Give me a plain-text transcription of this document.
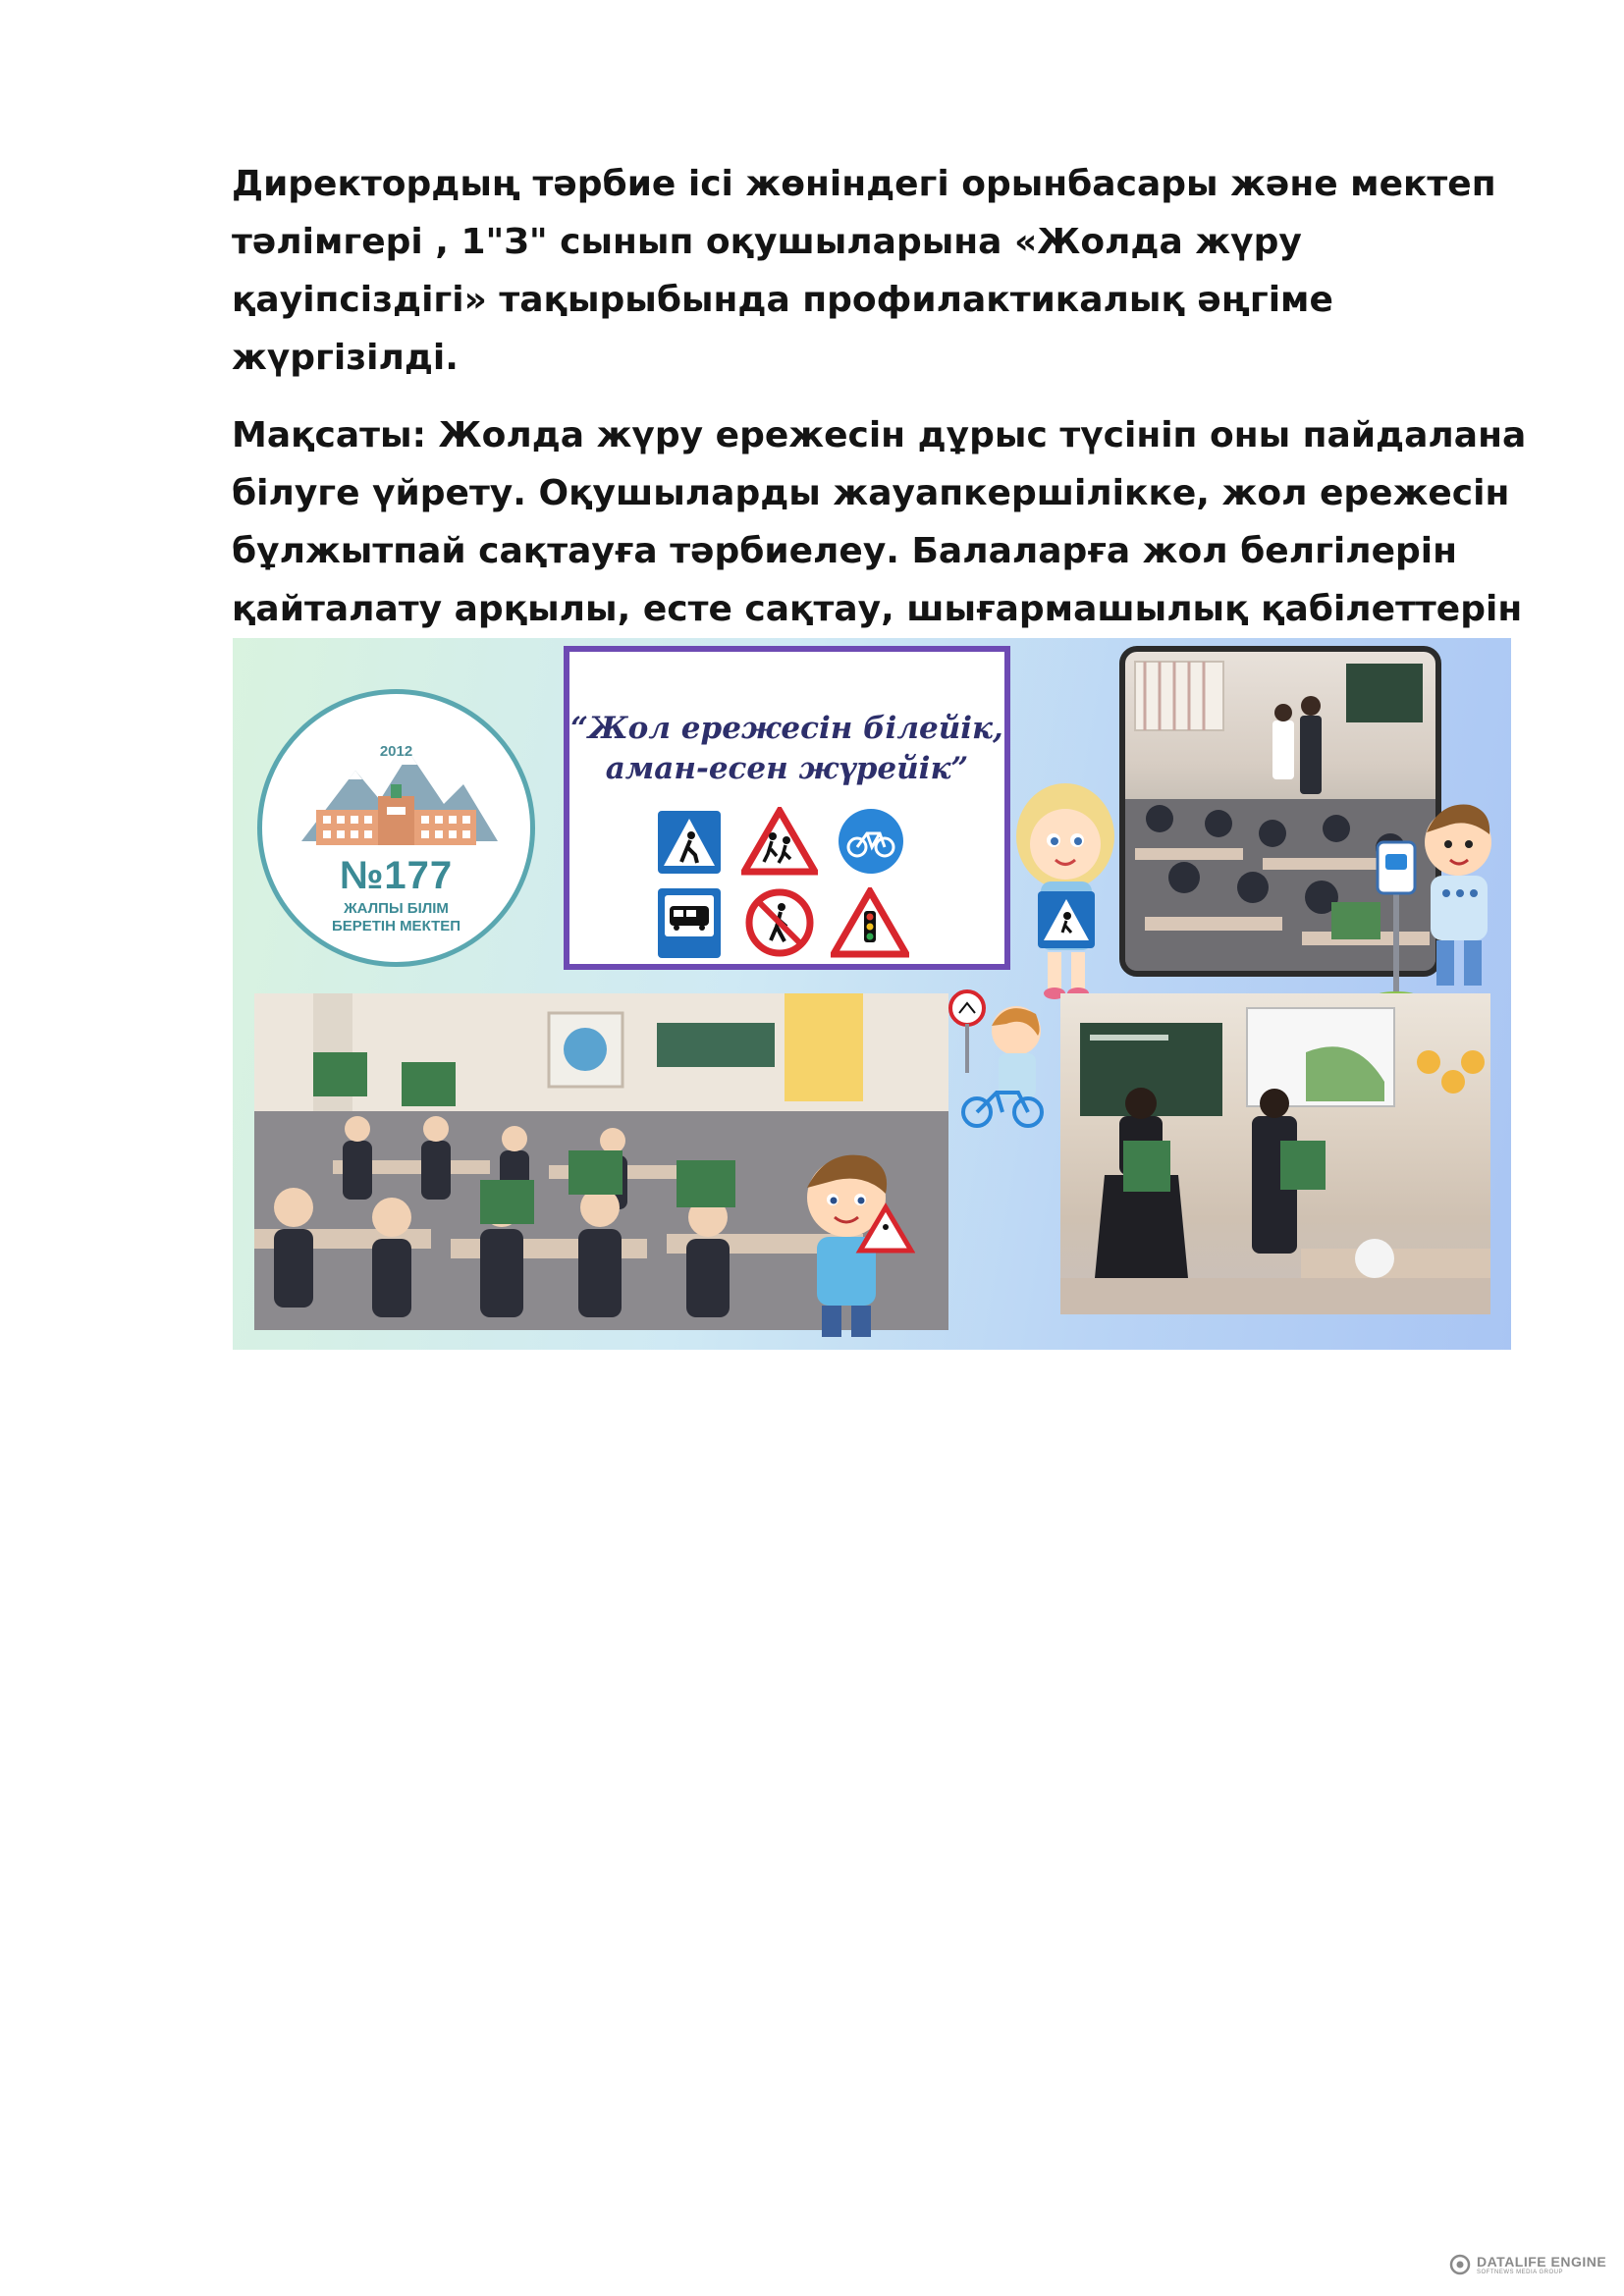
Директордың тәрбие ісі жөніндегі орынбасары және мектеп тәлімгері , 1"З" сынып оқушыларына «Жолда жүру қауіпсіздігі» тақырыбында профилактикалық әңгіме жүргізілді.

Мақсаты: Жолда жүру ережесін дұрыс түсініп оны пайдалана білуге үйрету. Оқушыларды жауапкершілікке, жол ережесін бұлжытпай сақтауға тәрбиелеу. Балаларға жол белгілерін қайталату арқылы, есте сақтау, шығармашылық қабілеттерін

2012
№177
ЖАЛПЫ БІЛІМ
БЕРЕТІН МЕКТЕП
“Жол ережесін білейік,
аман-есен жүрейік”
DATALIFE ENGINE
SOFTNEWS MEDIA GROUP
